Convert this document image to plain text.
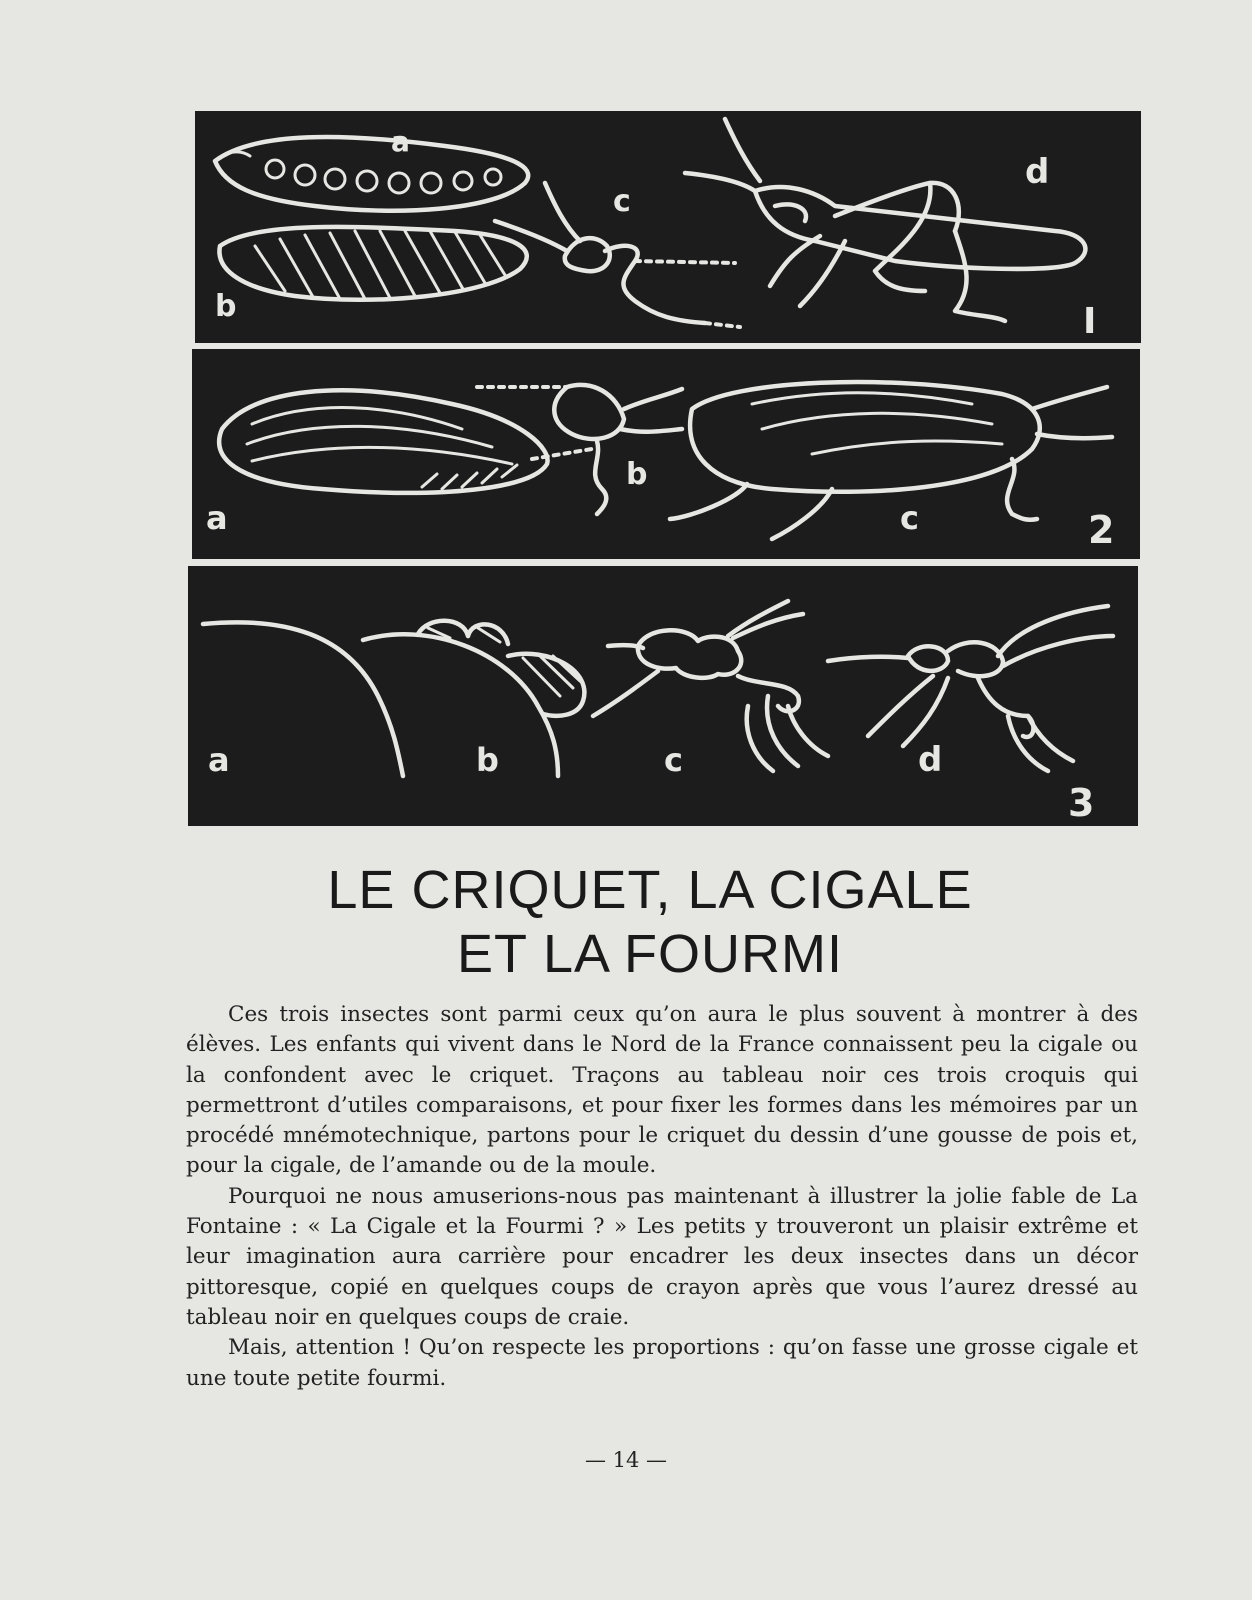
a
b
c
d
I
b
a	c	2
a	b	c	d
3
LE CRIQUET, LA CIGALE
ET LA FOURMI

Ces trois insectes sont parmi ceux qu’on aura le plus souvent à montrer à des élèves. Les enfants qui vivent dans le Nord de la France connaissent peu la cigale ou la confondent avec le criquet. Traçons au tableau noir ces trois croquis qui permettront d’utiles comparaisons, et pour fixer les formes dans les mémoires par un procédé mnémotechnique, partons pour le criquet du dessin d’une gousse de pois et, pour la cigale, de l’amande ou de la moule.

Pourquoi ne nous amuserions-nous pas maintenant à illustrer la jolie fable de La Fontaine : « La Cigale et la Fourmi ? » Les petits y trouveront un plaisir extrême et leur imagination aura carrière pour encadrer les deux insectes dans un décor pittoresque, copié en quelques coups de crayon après que vous l’aurez dressé au tableau noir en quelques coups de craie.

Mais, attention ! Qu’on respecte les proportions : qu’on fasse une grosse cigale et une toute petite fourmi.

— 14 —
